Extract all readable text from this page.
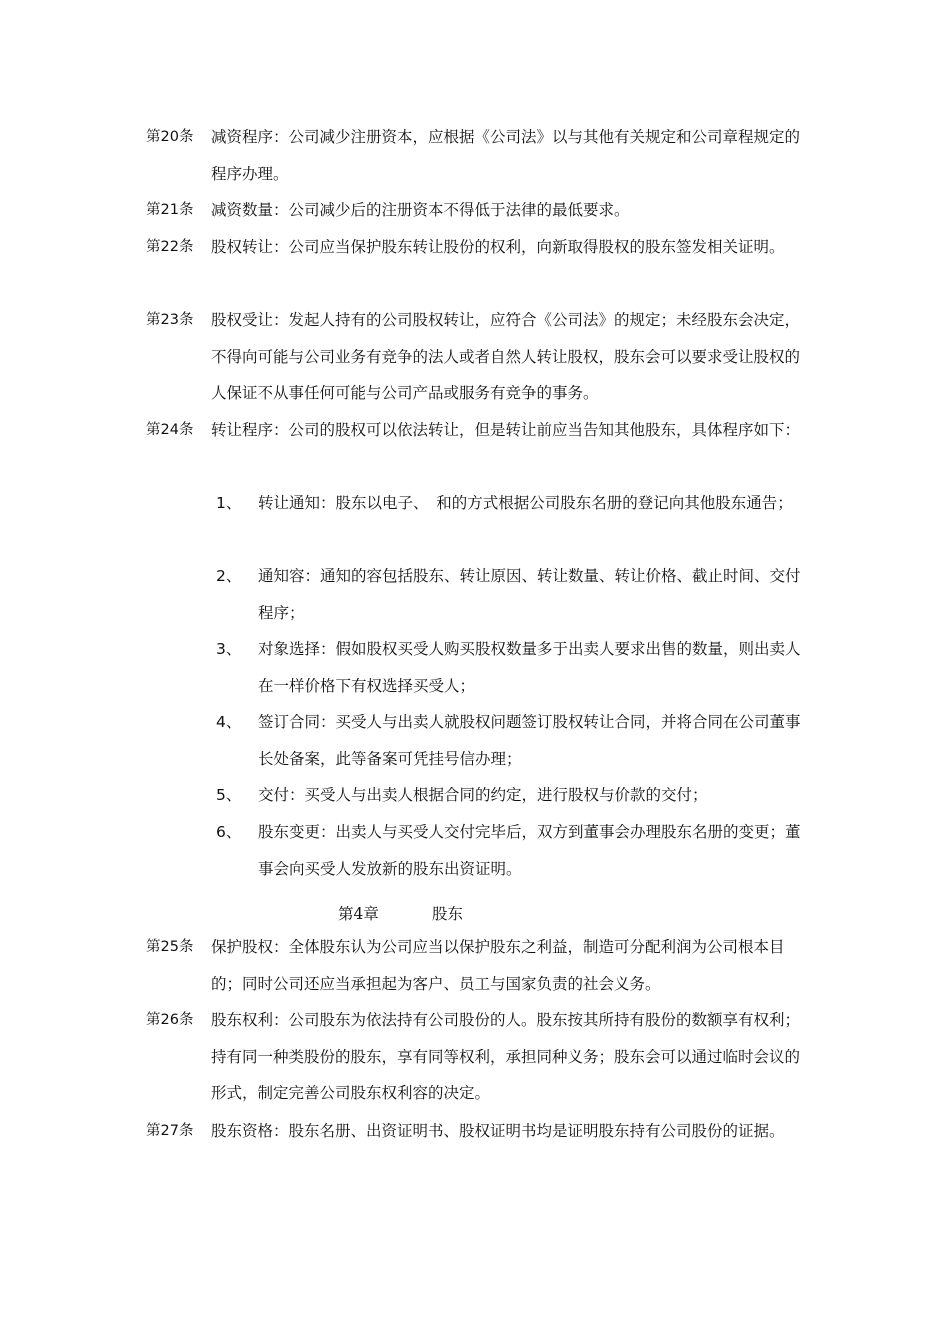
第20条	减资程序：公司减少注册资本，应根据《公司法》以与其他有关规定和公司章程规定的程序办理。
第21条	减资数量：公司减少后的注册资本不得低于法律的最低要求。
第22条	股权转让：公司应当保护股东转让股份的权利，向新取得股权的股东签发相关证明。
第23条	股权受让：发起人持有的公司股权转让，应符合《公司法》的规定；未经股东会决定，不得向可能与公司业务有竞争的法人或者自然人转让股权，股东会可以要求受让股权的人保证不从事任何可能与公司产品或服务有竞争的事务。
第24条	转让程序：公司的股权可以依法转让，但是转让前应当告知其他股东，具体程序如下：
1、	转让通知：股东以电子、　和的方式根据公司股东名册的登记向其他股东通告；
2、	通知容：通知的容包括股东、转让原因、转让数量、转让价格、截止时间、交付程序；
3、	对象选择：假如股权买受人购买股权数量多于出卖人要求出售的数量，则出卖人在一样价格下有权选择买受人；
4、	签订合同：买受人与出卖人就股权问题签订股权转让合同，并将合同在公司董事长处备案，此等备案可凭挂号信办理；
5、	交付：买受人与出卖人根据合同的约定，进行股权与价款的交付；
6、	股东变更：出卖人与买受人交付完毕后，双方到董事会办理股东名册的变更；董事会向买受人发放新的股东出资证明。
第4章	股东
第25条	保护股权：全体股东认为公司应当以保护股东之利益，制造可分配利润为公司根本目的；同时公司还应当承担起为客户、员工与国家负责的社会义务。
第26条	股东权利：公司股东为依法持有公司股份的人。股东按其所持有股份的数额享有权利；持有同一种类股份的股东，享有同等权利，承担同种义务；股东会可以通过临时会议的形式，制定完善公司股东权利容的决定。
第27条	股东资格：股东名册、出资证明书、股权证明书均是证明股东持有公司股份的证据。
